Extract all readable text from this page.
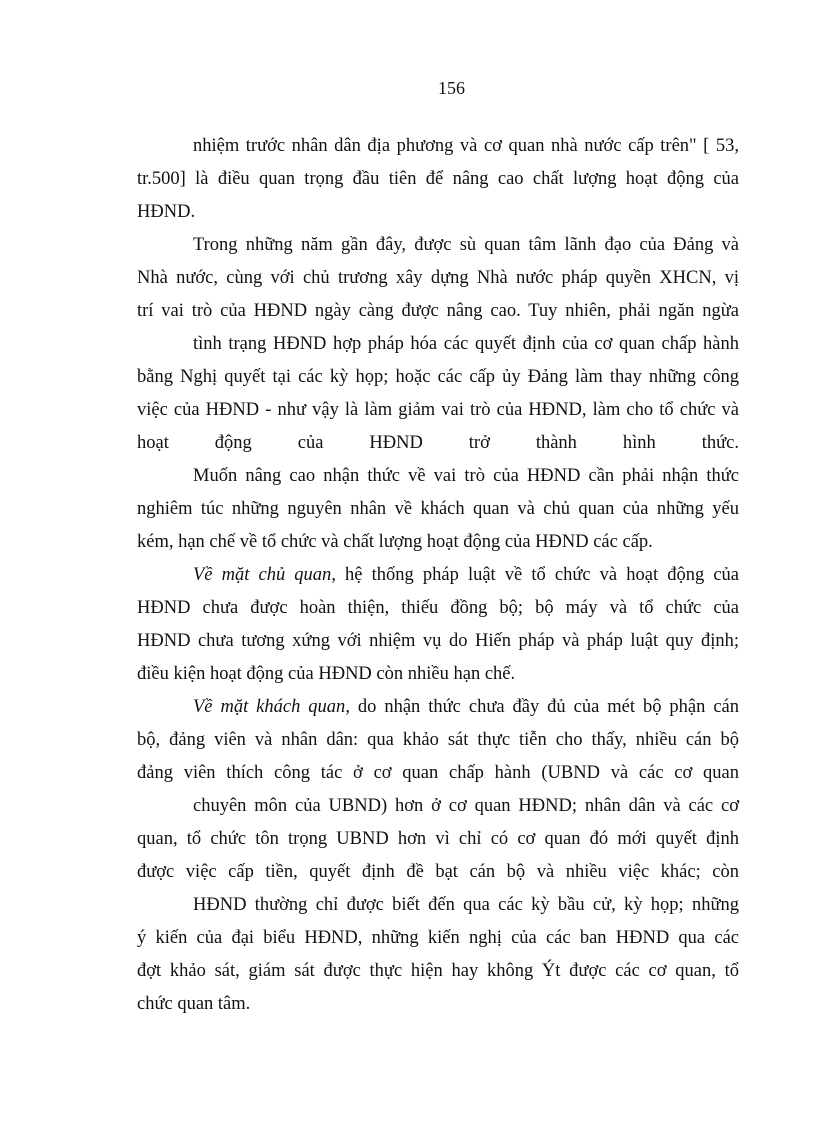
156
nhiệm trước nhân dân địa phương và cơ quan nhà nước cấp trên" [ 53,
tr.500] là điều quan trọng đầu tiên để nâng cao chất lượng hoạt động của
HĐND.
Trong những năm gần đây, được sù quan tâm lãnh đạo của Đảng và
Nhà nước, cùng với chủ trương xây dựng Nhà nước pháp quyền XHCN, vị
trí vai trò của HĐND ngày càng được nâng cao. Tuy nhiên, phải ngăn ngừa
tình trạng HĐND hợp pháp hóa các quyết định của cơ quan chấp hành
bằng Nghị quyết tại các kỳ họp; hoặc các cấp ủy Đảng làm thay những công
việc của HĐND - như vậy là làm giảm vai trò của HĐND, làm cho tổ chức và
hoạt động của HĐND trở thành hình thức.
Muốn nâng cao nhận thức về vai trò của HĐND cần phải nhận thức
nghiêm túc những nguyên nhân về khách quan và chủ quan của những yếu
kém, hạn chế về tổ chức và chất lượng hoạt động của HĐND các cấp.
Về mặt chủ quan, hệ thống pháp luật về tổ chức và hoạt động của
HĐND chưa được hoàn thiện, thiếu đồng bộ; bộ máy và tổ chức của
HĐND chưa tương xứng với nhiệm vụ do Hiến pháp và pháp luật quy định;
điều kiện hoạt động của HĐND còn nhiều hạn chế.
Về mặt khách quan, do nhận thức chưa đầy đủ của mét bộ phận cán
bộ, đảng viên và nhân dân: qua khảo sát thực tiễn cho thấy, nhiều cán bộ
đảng viên thích công tác ở cơ quan chấp hành (UBND và các cơ quan
chuyên môn của UBND) hơn ở cơ quan HĐND; nhân dân và các cơ
quan, tổ chức tôn trọng UBND hơn vì chỉ có cơ quan đó mới quyết định
được việc cấp tiền, quyết định đề bạt cán bộ và nhiều việc khác; còn
HĐND thường chỉ được biết đến qua các kỳ bầu cử, kỳ họp; những
ý kiến của đại biểu HĐND, những kiến nghị của các ban HĐND qua các
đợt khảo sát, giám sát được thực hiện hay không Ýt được các cơ quan, tổ
chức quan tâm.
